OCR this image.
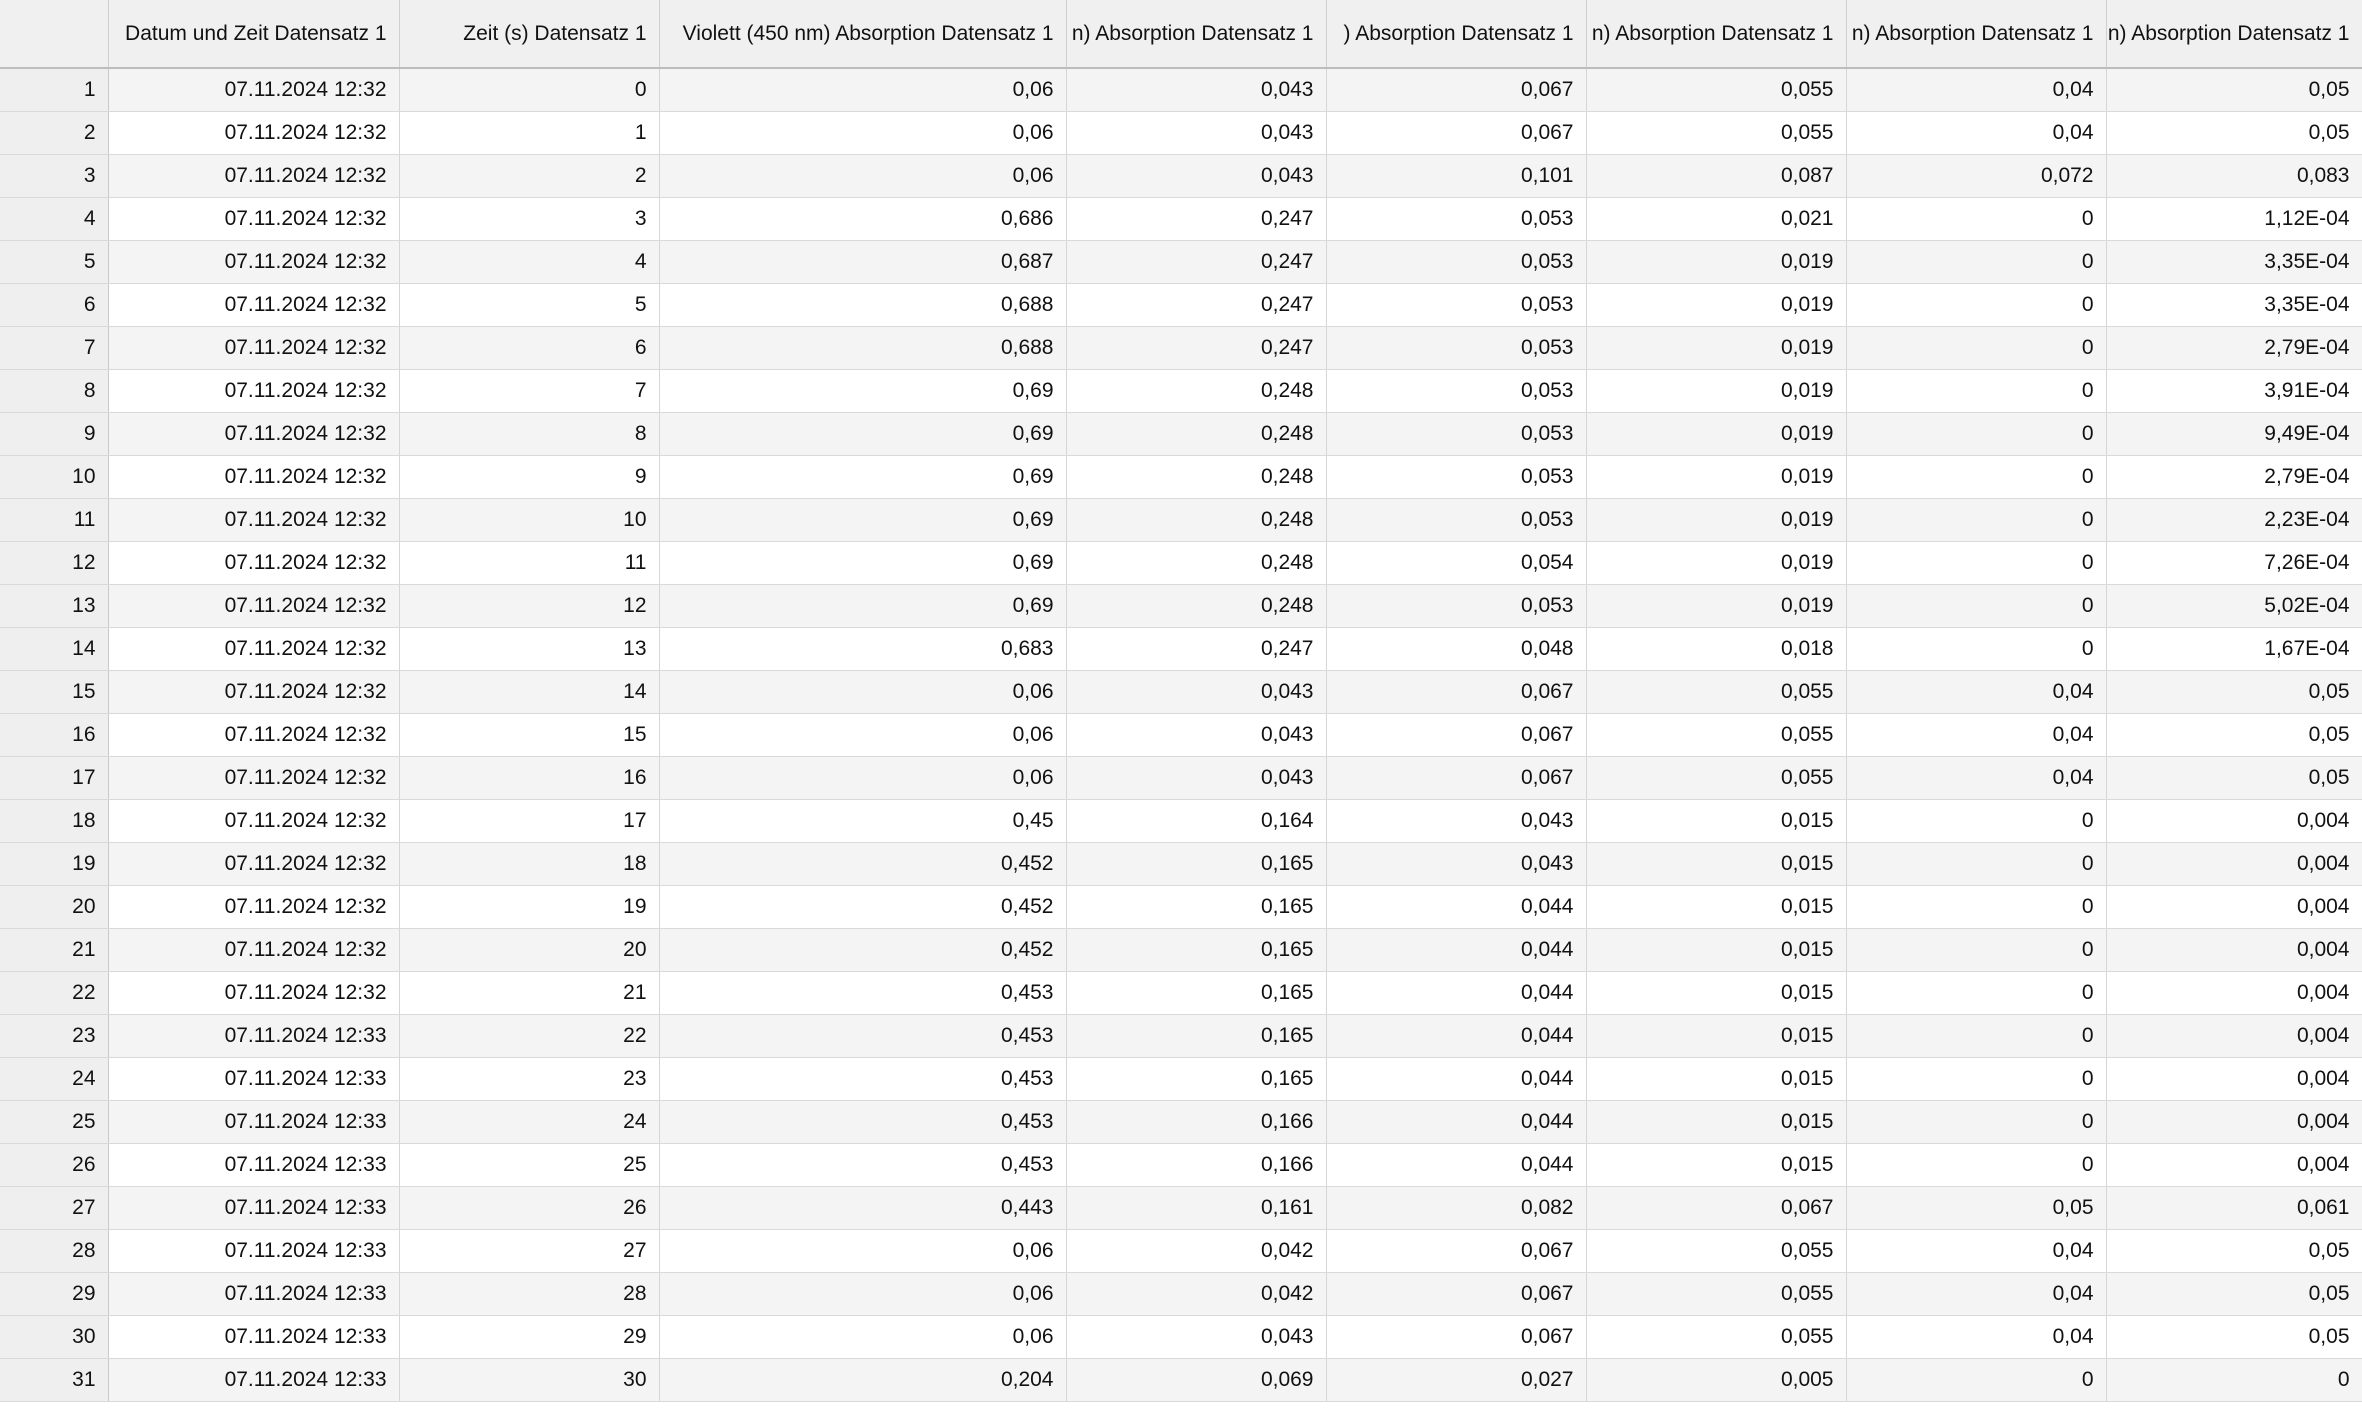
	Datum und Zeit Datensatz 1	Zeit (s) Datensatz 1	Violett (450 nm) Absorption Datensatz 1	n) Absorption Datensatz 1	) Absorption Datensatz 1	n) Absorption Datensatz 1	n) Absorption Datensatz 1	n) Absorption Datensatz 1
1	07.11.2024 12:32	0	0,06	0,043	0,067	0,055	0,04	0,05
2	07.11.2024 12:32	1	0,06	0,043	0,067	0,055	0,04	0,05
3	07.11.2024 12:32	2	0,06	0,043	0,101	0,087	0,072	0,083
4	07.11.2024 12:32	3	0,686	0,247	0,053	0,021	0	1,12E-04
5	07.11.2024 12:32	4	0,687	0,247	0,053	0,019	0	3,35E-04
6	07.11.2024 12:32	5	0,688	0,247	0,053	0,019	0	3,35E-04
7	07.11.2024 12:32	6	0,688	0,247	0,053	0,019	0	2,79E-04
8	07.11.2024 12:32	7	0,69	0,248	0,053	0,019	0	3,91E-04
9	07.11.2024 12:32	8	0,69	0,248	0,053	0,019	0	9,49E-04
10	07.11.2024 12:32	9	0,69	0,248	0,053	0,019	0	2,79E-04
11	07.11.2024 12:32	10	0,69	0,248	0,053	0,019	0	2,23E-04
12	07.11.2024 12:32	11	0,69	0,248	0,054	0,019	0	7,26E-04
13	07.11.2024 12:32	12	0,69	0,248	0,053	0,019	0	5,02E-04
14	07.11.2024 12:32	13	0,683	0,247	0,048	0,018	0	1,67E-04
15	07.11.2024 12:32	14	0,06	0,043	0,067	0,055	0,04	0,05
16	07.11.2024 12:32	15	0,06	0,043	0,067	0,055	0,04	0,05
17	07.11.2024 12:32	16	0,06	0,043	0,067	0,055	0,04	0,05
18	07.11.2024 12:32	17	0,45	0,164	0,043	0,015	0	0,004
19	07.11.2024 12:32	18	0,452	0,165	0,043	0,015	0	0,004
20	07.11.2024 12:32	19	0,452	0,165	0,044	0,015	0	0,004
21	07.11.2024 12:32	20	0,452	0,165	0,044	0,015	0	0,004
22	07.11.2024 12:32	21	0,453	0,165	0,044	0,015	0	0,004
23	07.11.2024 12:33	22	0,453	0,165	0,044	0,015	0	0,004
24	07.11.2024 12:33	23	0,453	0,165	0,044	0,015	0	0,004
25	07.11.2024 12:33	24	0,453	0,166	0,044	0,015	0	0,004
26	07.11.2024 12:33	25	0,453	0,166	0,044	0,015	0	0,004
27	07.11.2024 12:33	26	0,443	0,161	0,082	0,067	0,05	0,061
28	07.11.2024 12:33	27	0,06	0,042	0,067	0,055	0,04	0,05
29	07.11.2024 12:33	28	0,06	0,042	0,067	0,055	0,04	0,05
30	07.11.2024 12:33	29	0,06	0,043	0,067	0,055	0,04	0,05
31	07.11.2024 12:33	30	0,204	0,069	0,027	0,005	0	0
